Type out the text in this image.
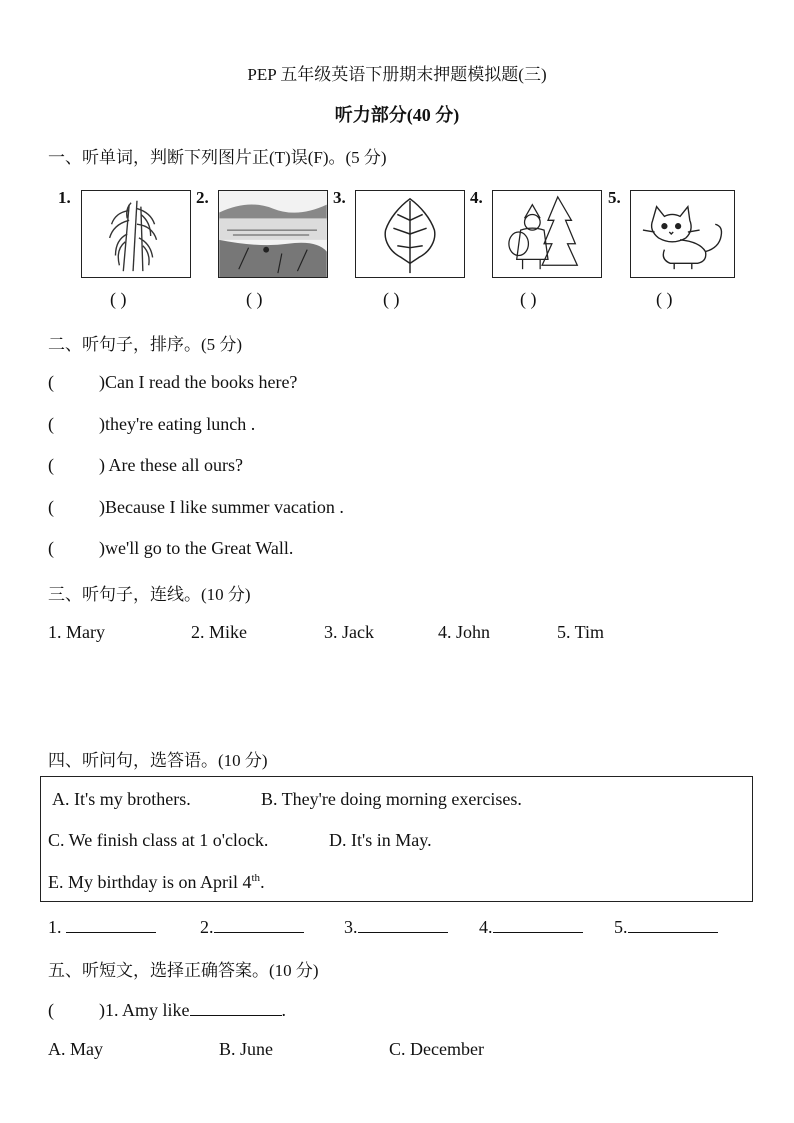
PEP 五年级英语下册期末押题模拟题(三)
听力部分(40 分)
一、听单词，判断下列图片正(T)误(F)。(5 分)
1.
( )
2.
( )
3.
( )
4.
( )
5.
( )
二、听句子，排序。(5 分)
(          )Can I read the books here?
(          )they're eating lunch .
(          ) Are these all ours?
(          )Because I like summer vacation .
(          )we'll go to the Great Wall.
三、听句子，连线。(10 分)
1. Mary	2. Mike	3. Jack	4. John	5. Tim
四、听问句，选答语。(10 分)
A. It's my brothers.	B. They're doing morning exercises.
C. We finish class at 1 o'clock.	D. It's in May.
E. My birthday is on April 4th.
1.	2.	3.	4.	5.
五、听短文，选择正确答案。(10 分)
(          )1. Amy like	.
A. May	B. June	C. December
